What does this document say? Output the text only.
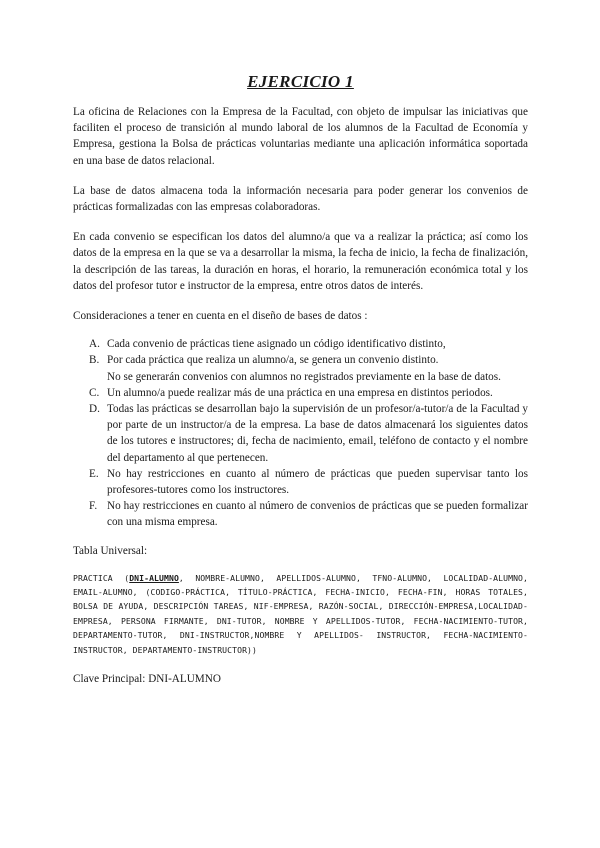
EJERCICIO 1

La oficina de Relaciones con la Empresa de la Facultad, con objeto de impulsar las iniciativas que faciliten el proceso de transición al mundo laboral de los alumnos de la Facultad de Economía y Empresa, gestiona la Bolsa de prácticas voluntarias mediante una aplicación informática soportada en una base de datos relacional.

La base de datos almacena toda la información necesaria para poder generar los convenios de prácticas formalizadas con las empresas colaboradoras.

En cada convenio se especifican los datos del alumno/a que va a realizar la práctica; así como los datos de la empresa en la que se va a desarrollar la misma, la fecha de inicio, la fecha de finalización, la descripción de las tareas, la duración en horas, el horario, la remuneración económica total y los datos del profesor tutor e instructor de la empresa, entre otros datos de interés.

Consideraciones a tener en cuenta en el diseño de bases de datos :

A. Cada convenio de prácticas tiene asignado un código identificativo distinto,
B. Por cada práctica que realiza un alumno/a, se genera un convenio distinto.
No se generarán convenios con alumnos no registrados previamente en la base de datos.
C. Un alumno/a puede realizar más de una práctica en una empresa en distintos periodos.
D. Todas las prácticas se desarrollan bajo la supervisión de un profesor/a-tutor/a de la Facultad y por parte de un instructor/a de la empresa. La base de datos almacenará los siguientes datos de los tutores e instructores; di, fecha de nacimiento, email, teléfono de contacto y el nombre del departamento al que pertenecen.
E. No hay restricciones en cuanto al número de prácticas que pueden supervisar tanto los profesores-tutores como los instructores.
F. No hay restricciones en cuanto al número de convenios de prácticas que se pueden formalizar con una misma empresa.
Tabla Universal:
PRACTICA (DNI-ALUMNO, NOMBRE-ALUMNO, APELLIDOS-ALUMNO, TFNO-ALUMNO, LOCALIDAD-ALUMNO, EMAIL-ALUMNO, (CODIGO-PRÁCTICA, TÍTULO-PRÁCTICA, FECHA-INICIO, FECHA-FIN, HORAS TOTALES, BOLSA DE AYUDA, DESCRIPCIÓN TAREAS, NIF-EMPRESA, RAZÓN-SOCIAL, DIRECCIÓN-EMPRESA,LOCALIDAD-EMPRESA, PERSONA FIRMANTE, DNI-TUTOR, NOMBRE Y APELLIDOS-TUTOR, FECHA-NACIMIENTO-TUTOR, DEPARTAMENTO-TUTOR, DNI-INSTRUCTOR,NOMBRE Y APELLIDOS- INSTRUCTOR, FECHA-NACIMIENTO-INSTRUCTOR, DEPARTAMENTO-INSTRUCTOR))
Clave Principal: DNI-ALUMNO
